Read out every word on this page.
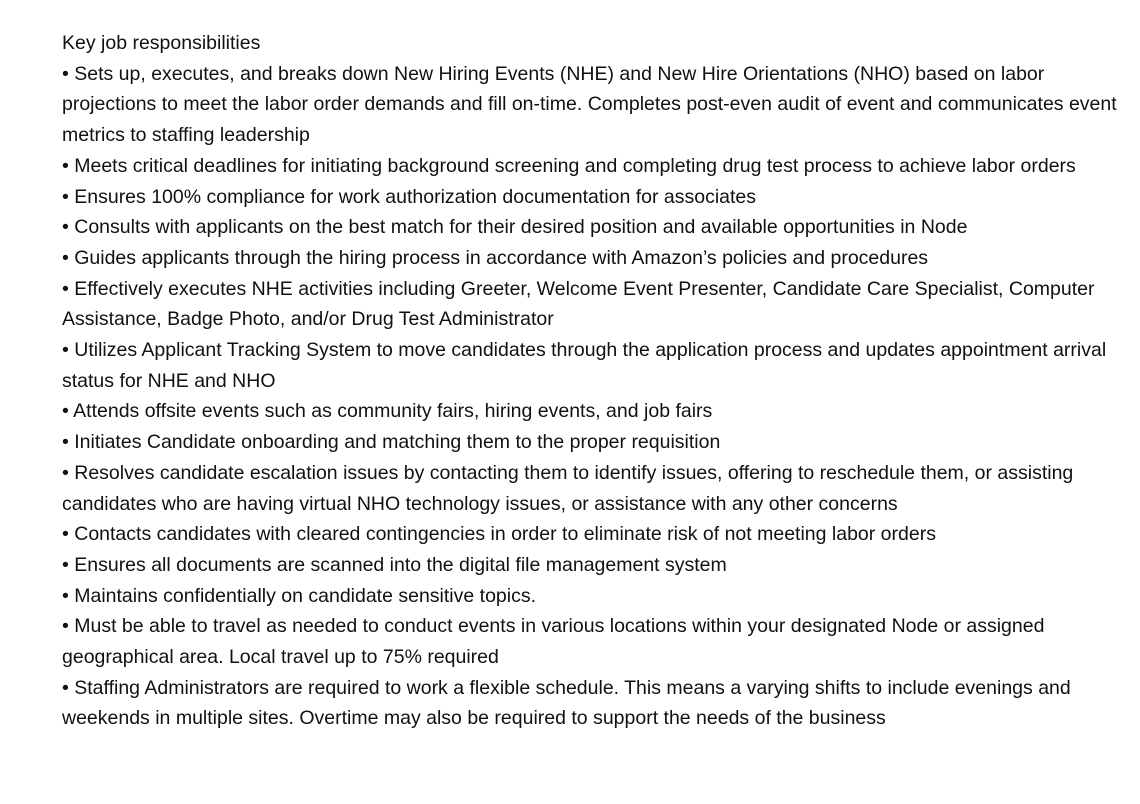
Key job responsibilities

• Sets up, executes, and breaks down New Hiring Events (NHE) and New Hire Orientations (NHO) based on labor projections to meet the labor order demands and fill on-time. Completes post-even audit of event and communicates event metrics to staffing leadership

• Meets critical deadlines for initiating background screening and completing drug test process to achieve labor orders

• Ensures 100% compliance for work authorization documentation for associates

• Consults with applicants on the best match for their desired position and available opportunities in Node

• Guides applicants through the hiring process in accordance with Amazon’s policies and procedures

• Effectively executes NHE activities including Greeter, Welcome Event Presenter, Candidate Care Specialist, Computer Assistance, Badge Photo, and/or Drug Test Administrator

• Utilizes Applicant Tracking System to move candidates through the application process and updates appointment arrival status for NHE and NHO

• Attends offsite events such as community fairs, hiring events, and job fairs

• Initiates Candidate onboarding and matching them to the proper requisition

• Resolves candidate escalation issues by contacting them to identify issues, offering to reschedule them, or assisting candidates who are having virtual NHO technology issues, or assistance with any other concerns

• Contacts candidates with cleared contingencies in order to eliminate risk of not meeting labor orders

• Ensures all documents are scanned into the digital file management system

• Maintains confidentially on candidate sensitive topics.

• Must be able to travel as needed to conduct events in various locations within your designated Node or assigned geographical area. Local travel up to 75% required

• Staffing Administrators are required to work a flexible schedule. This means a varying shifts to include evenings and weekends in multiple sites. Overtime may also be required to support the needs of the business
